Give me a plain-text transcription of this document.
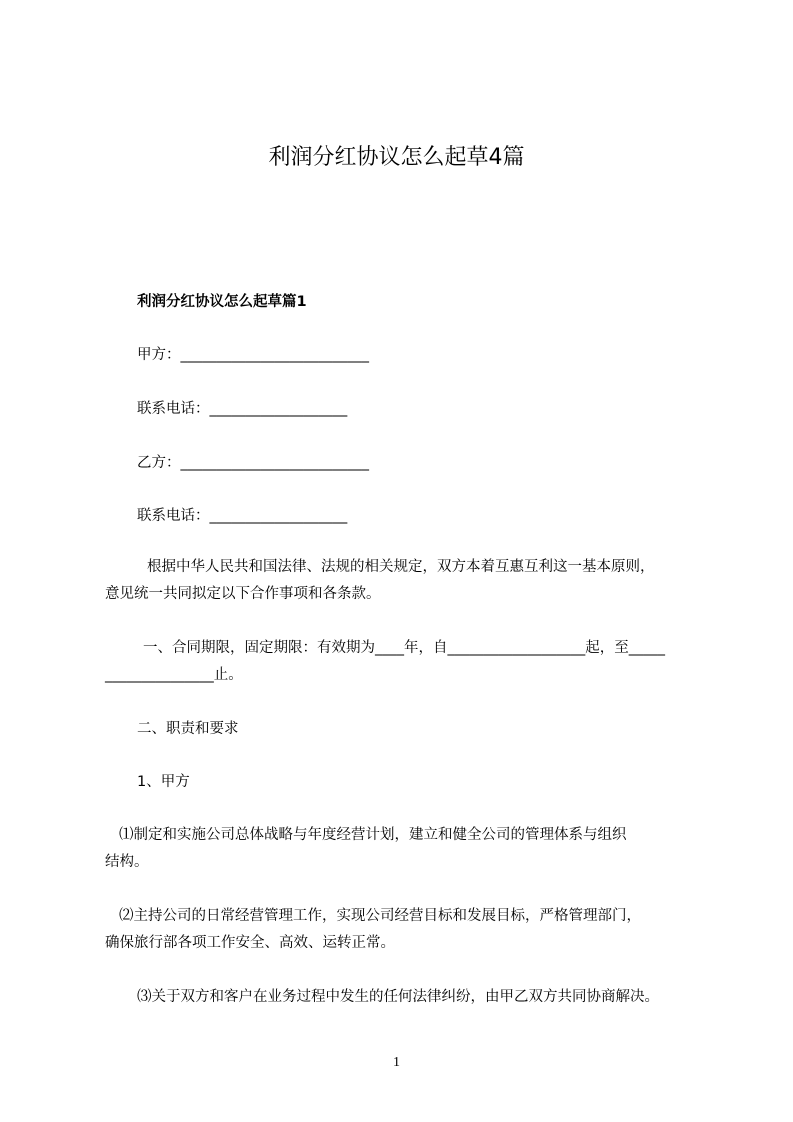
利润分红协议怎么起草4篇
利润分红协议怎么起草篇1
甲方：__________________________
联系电话：___________________
乙方：__________________________
联系电话：___________________
根据中华人民共和国法律、法规的相关规定，双方本着互惠互利这一基本原则，
意见统一共同拟定以下合作事项和各条款。
一、合同期限，固定期限：有效期为____年，自___________________起，至_____
_______________止。
二、职责和要求
1、甲方
⑴制定和实施公司总体战略与年度经营计划，建立和健全公司的管理体系与组织
结构。
⑵主持公司的日常经营管理工作，实现公司经营目标和发展目标，严格管理部门，
确保旅行部各项工作安全、高效、运转正常。
⑶关于双方和客户在业务过程中发生的任何法律纠纷，由甲乙双方共同协商解决。
1
